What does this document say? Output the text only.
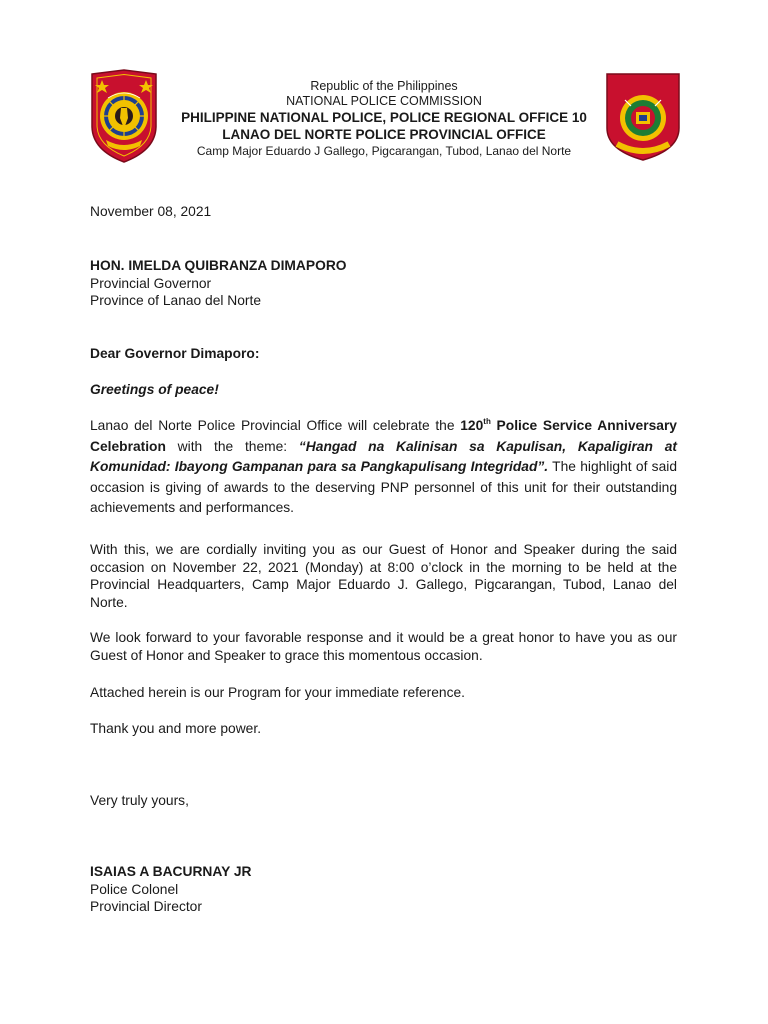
Republic of the Philippines
NATIONAL POLICE COMMISSION
PHILIPPINE NATIONAL POLICE, POLICE REGIONAL OFFICE 10
LANAO DEL NORTE POLICE PROVINCIAL OFFICE
Camp Major Eduardo J Gallego, Pigcarangan, Tubod, Lanao del Norte

November 08, 2021

HON. IMELDA QUIBRANZA DIMAPORO
Provincial Governor
Province of Lanao del Norte

Dear Governor Dimaporo:

Greetings of peace!

Lanao del Norte Police Provincial Office will celebrate the 120th Police Service Anniversary Celebration with the theme: “Hangad na Kalinisan sa Kapulisan, Kapaligiran at Komunidad: Ibayong Gampanan para sa Pangkapulisang Integridad”. The highlight of said occasion is giving of awards to the deserving PNP personnel of this unit for their outstanding achievements and performances.

With this, we are cordially inviting you as our Guest of Honor and Speaker during the said occasion on November 22, 2021 (Monday) at 8:00 o’clock in the morning to be held at the Provincial Headquarters, Camp Major Eduardo J. Gallego, Pigcarangan, Tubod, Lanao del Norte.

We look forward to your favorable response and it would be a great honor to have you as our Guest of Honor and Speaker to grace this momentous occasion.

Attached herein is our Program for your immediate reference.

Thank you and more power.

Very truly yours,

ISAIAS A BACURNAY JR
Police Colonel
Provincial Director
